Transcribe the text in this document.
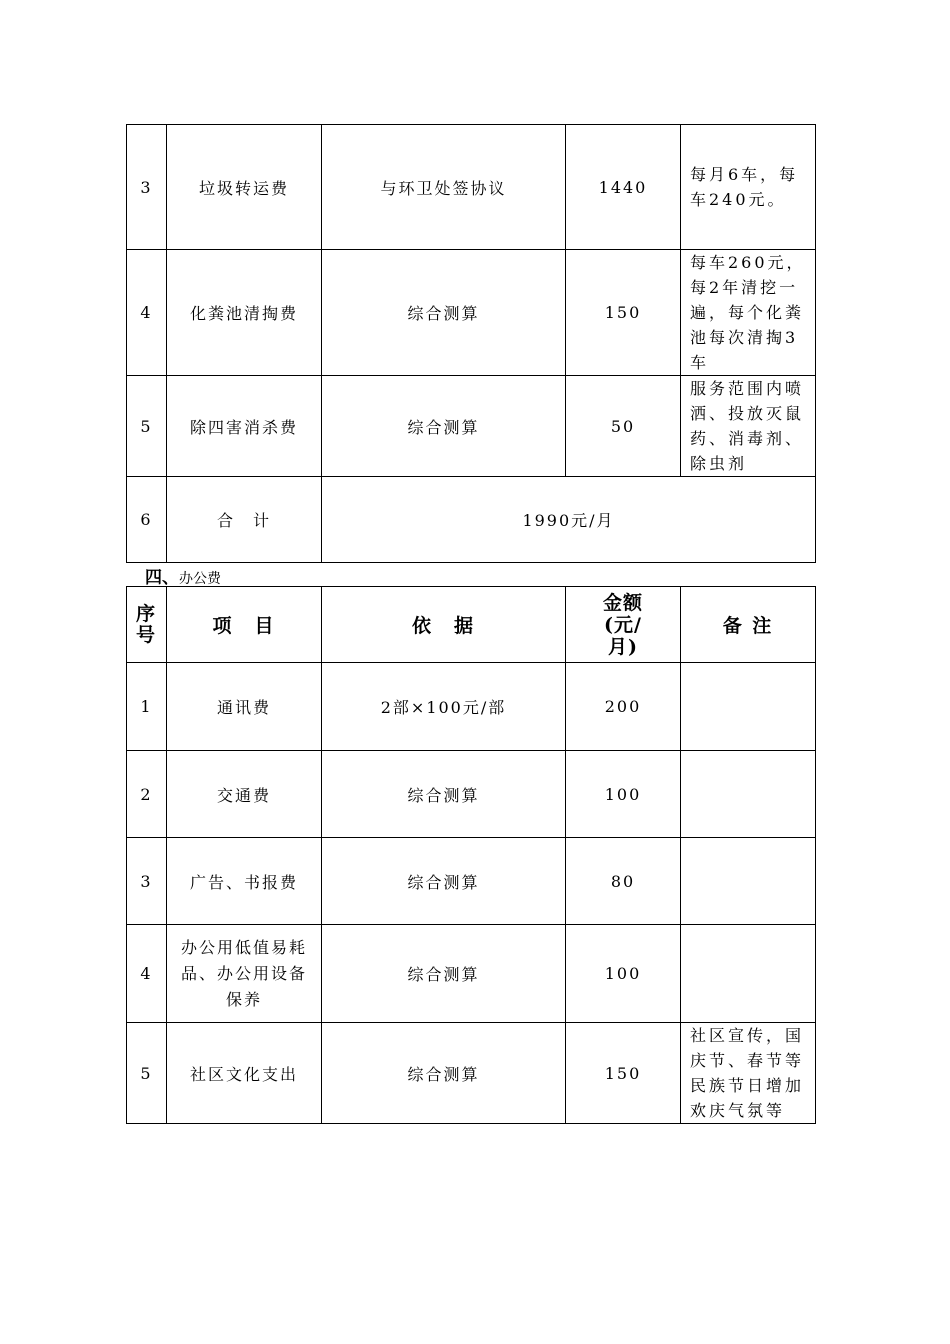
3	垃圾转运费	与环卫处签协议	1440	每月6车，每车240元。
4	化粪池清掏费	综合测算	150	每车260元，每2年清挖一遍，每个化粪池每次清掏3车
5	除四害消杀费	综合测算	50	服务范围内喷洒、投放灭鼠药、消毒剂、除虫剂
6	合　计	1990元/月		
四、办公费
序号	项　目	依　据	金额(元/月)	备 注
1	通讯费	2部×100元/部	200	
2	交通费	综合测算	100	
3	广告、书报费	综合测算	80	
4	办公用低值易耗品、办公用设备保养	综合测算	100	
5	社区文化支出	综合测算	150	社区宣传，国庆节、春节等民族节日增加欢庆气氛等
